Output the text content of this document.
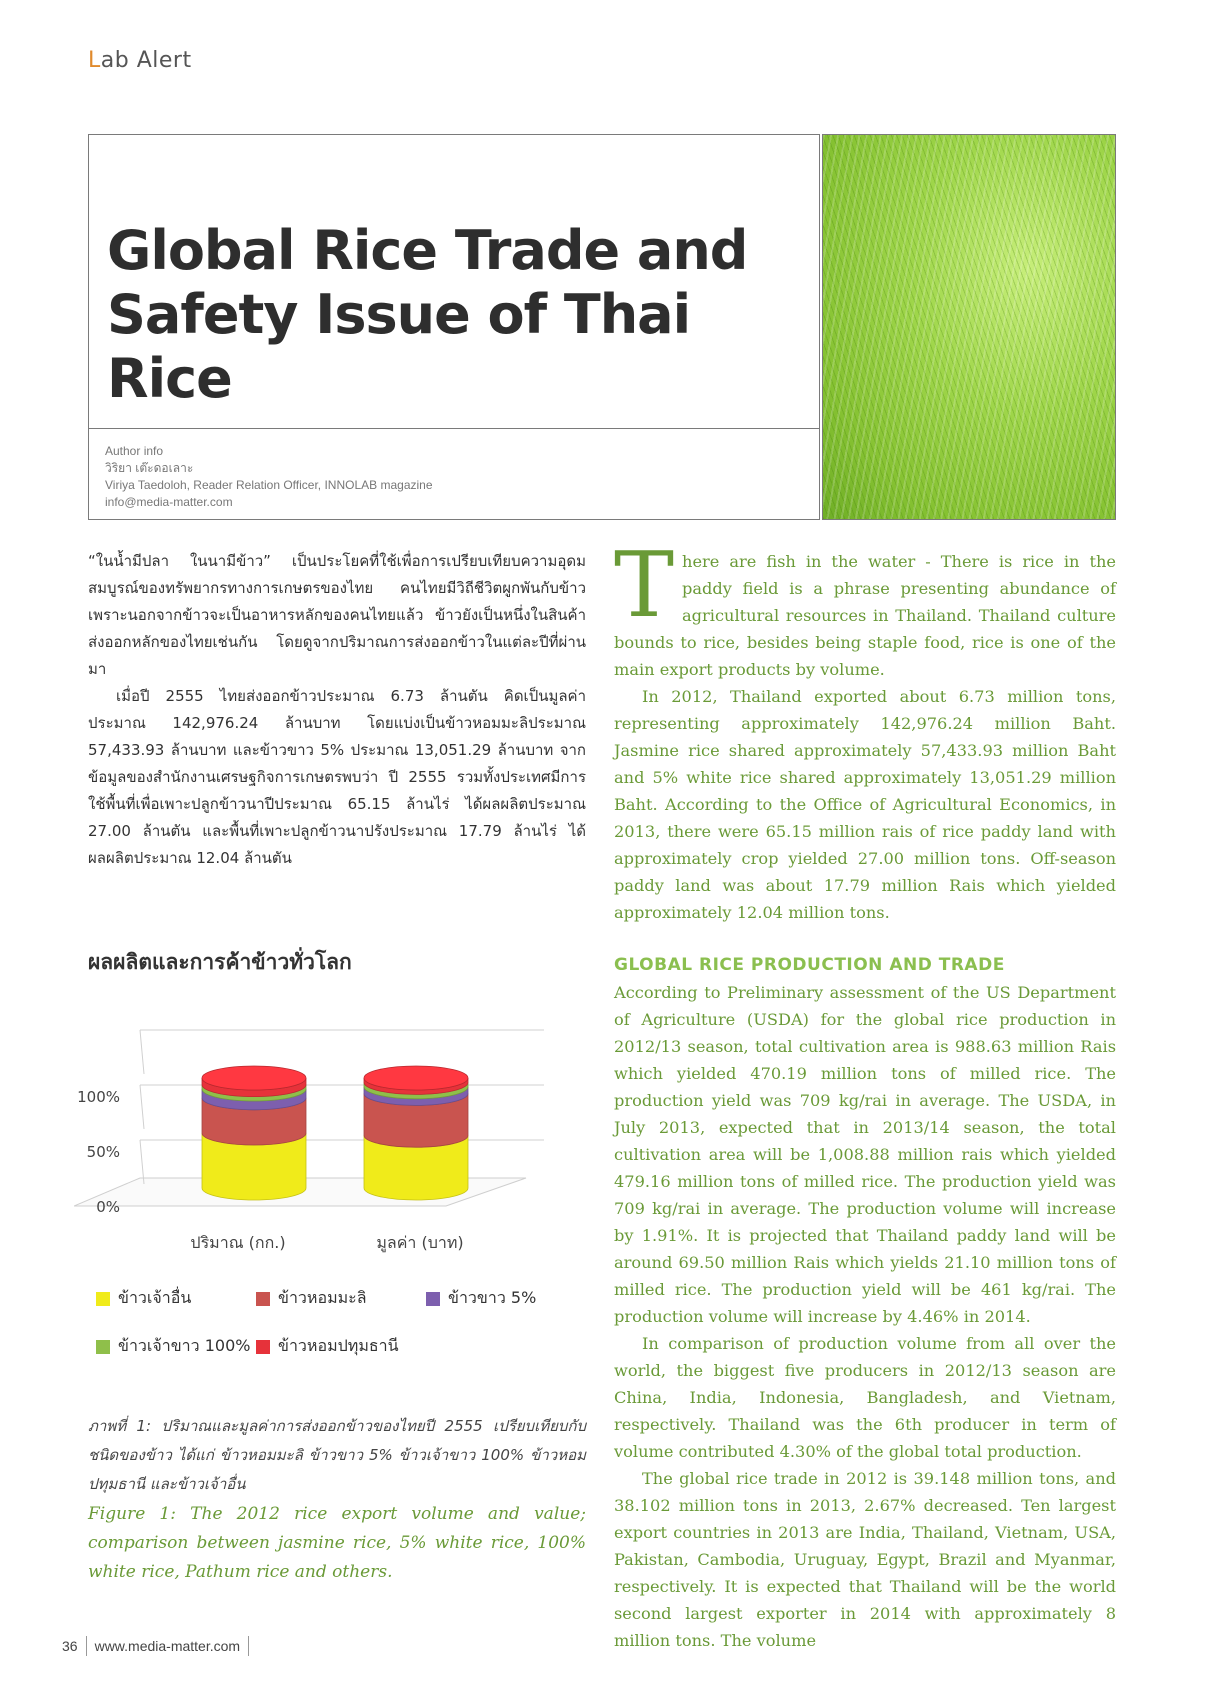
Lab Alert
Global Rice Trade and
Safety Issue of Thai Rice
Author info
วิริยา เต๊ะดอเลาะ
Viriya Taedoloh, Reader Relation Officer, INNOLAB magazine
info@media-matter.com

“ในน้ำมีปลา ในนามีข้าว” เป็นประโยคที่ใช้เพื่อการเปรียบเทียบความอุดมสมบูรณ์ของทรัพยากรทางการเกษตรของไทย คนไทยมีวิถีชีวิตผูกพันกับข้าว เพราะนอกจากข้าวจะเป็นอาหารหลักของคนไทยแล้ว ข้าวยังเป็นหนึ่งในสินค้าส่งออกหลักของไทยเช่นกัน โดยดูจากปริมาณการส่งออกข้าวในแต่ละปีที่ผ่านมา

เมื่อปี 2555 ไทยส่งออกข้าวประมาณ 6.73 ล้านตัน คิดเป็นมูลค่าประมาณ 142,976.24 ล้านบาท โดยแบ่งเป็นข้าวหอมมะลิประมาณ 57,433.93 ล้านบาท และข้าวขาว 5% ประมาณ 13,051.29 ล้านบาท จากข้อมูลของสำนักงานเศรษฐกิจการเกษตรพบว่า ปี 2555 รวมทั้งประเทศมีการใช้พื้นที่เพื่อเพาะปลูกข้าวนาปีประมาณ 65.15 ล้านไร่ ได้ผลผลิตประมาณ 27.00 ล้านตัน และพื้นที่เพาะปลูกข้าวนาปรังประมาณ 17.79 ล้านไร่ ได้ผลผลิตประมาณ 12.04 ล้านตัน

ผลผลิตและการค้าข้าวทั่วโลก
0%
50%
100%
ปริมาณ (กก.)	มูลค่า (บาท)
ข้าวเจ้าอื่น	ข้าวหอมมะลิ	ข้าวขาว 5%
ข้าวเจ้าขาว 100% ข้าวหอมปทุมธานี

ภาพที่ 1: ปริมาณและมูลค่าการส่งออกข้าวของไทยปี 2555 เปรียบเทียบกับชนิดของข้าว ได้แก่ ข้าวหอมมะลิ ข้าวขาว 5% ข้าวเจ้าขาว 100% ข้าวหอมปทุมธานี และข้าวเจ้าอื่น

Figure 1: The 2012 rice export volume and value; comparison between jasmine rice, 5% white rice, 100% white rice, Pathum rice and others.

There are fish in the water - There is rice in the paddy field is a phrase presenting abundance of agricultural resources in Thailand. Thailand culture bounds to rice, besides being staple food, rice is one of the main export products by volume.

In 2012, Thailand exported about 6.73 million tons, representing approximately 142,976.24 million Baht. Jasmine rice shared approximately 57,433.93 million Baht and 5% white rice shared approximately 13,051.29 million Baht. According to the Office of Agricultural Economics, in 2013, there were 65.15 million rais of rice paddy land with approximately crop yielded 27.00 million tons. Off-season paddy land was about 17.79 million Rais which yielded approximately 12.04 million tons.

GLOBAL RICE PRODUCTION AND TRADE

According to Preliminary assessment of the US Department of Agriculture (USDA) for the global rice production in 2012/13 season, total cultivation area is 988.63 million Rais which yielded 470.19 million tons of milled rice. The production yield was 709 kg/rai in average. The USDA, in July 2013, expected that in 2013/14 season, the total cultivation area will be 1,008.88 million rais which yielded 479.16 million tons of milled rice. The production yield was 709 kg/rai in average. The production volume will increase by 1.91%. It is projected that Thailand paddy land will be around 69.50 million Rais which yields 21.10 million tons of milled rice. The production yield will be 461 kg/rai. The production volume will increase by 4.46% in 2014.

In comparison of production volume from all over the world, the biggest five producers in 2012/13 season are China, India, Indonesia, Bangladesh, and Vietnam, respectively. Thailand was the 6th producer in term of volume contributed 4.30% of the global total production.

The global rice trade in 2012 is 39.148 million tons, and 38.102 million tons in 2013, 2.67% decreased. Ten largest export countries in 2013 are India, Thailand, Vietnam, USA, Pakistan, Cambodia, Uruguay, Egypt, Brazil and Myanmar, respectively. It is expected that Thailand will be the world second largest exporter in 2014 with approximately 8 million tons. The volume

36 www.media-matter.com
